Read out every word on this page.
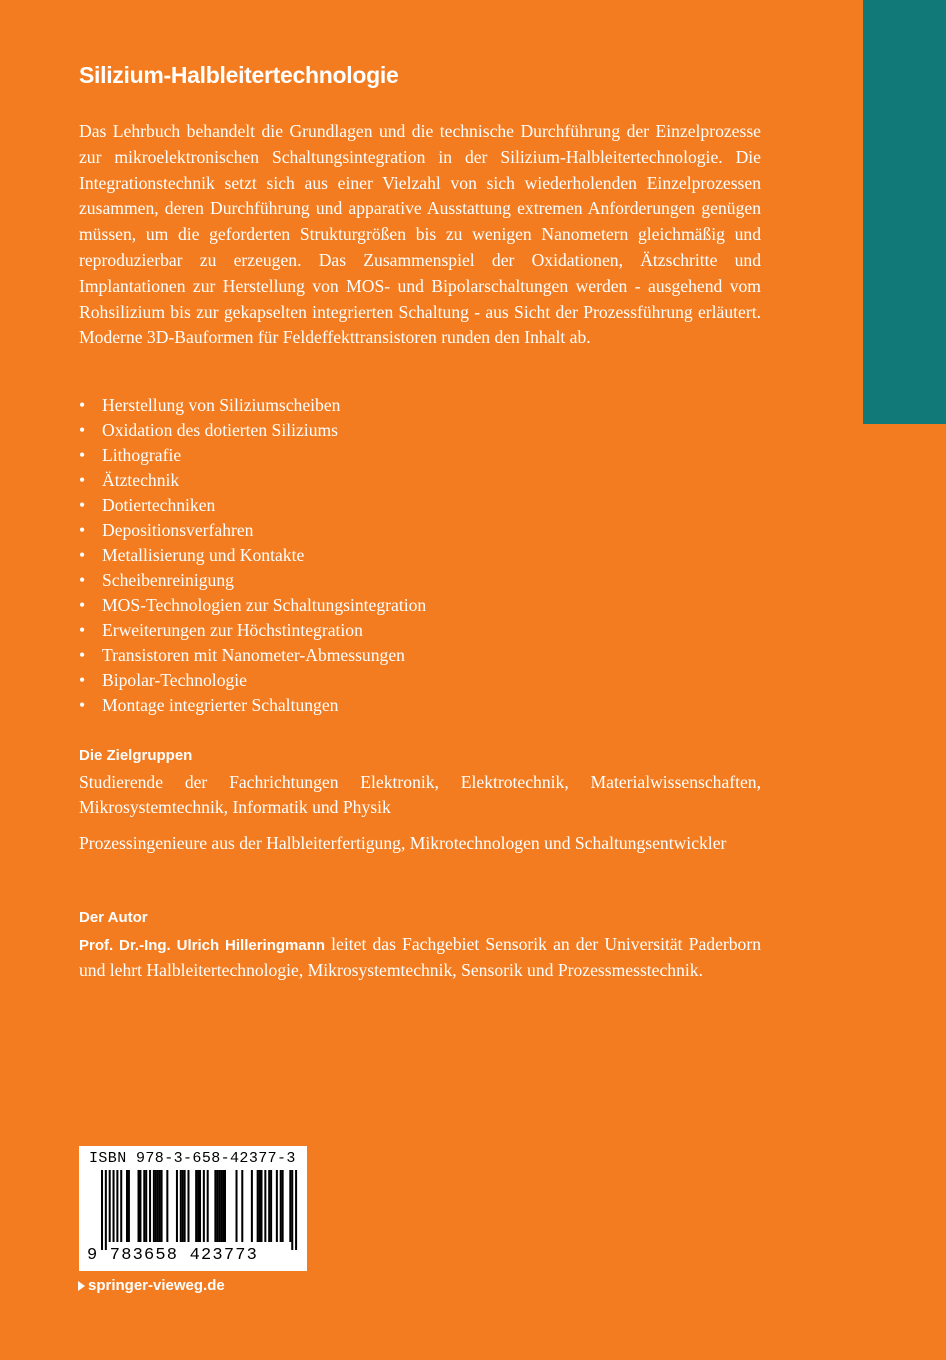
Silizium-Halbleitertechnologie

Das Lehrbuch behandelt die Grundlagen und die technische Durchführung der Einzelprozesse zur mikroelektronischen Schaltungsintegration in der Silizium-Halbleitertechnologie. Die Integrationstechnik setzt sich aus einer Vielzahl von sich wiederholenden Einzelprozessen zusammen, deren Durchführung und apparative Ausstattung extremen Anforderungen genügen müssen, um die geforderten Strukturgrößen bis zu wenigen Nanometern gleichmäßig und reproduzierbar zu erzeugen. Das Zusammenspiel der Oxidationen, Ätzschritte und Implantationen zur Herstellung von MOS- und Bipolarschaltungen werden - ausgehend vom Rohsilizium bis zur gekapselten integrierten Schaltung - aus Sicht der Prozessführung erläutert. Moderne 3D-Bauformen für Feldeffekttransistoren runden den Inhalt ab.

• Herstellung von Siliziumscheiben
• Oxidation des dotierten Siliziums
• Lithografie
• Ätztechnik
• Dotiertechniken
• Depositionsverfahren
• Metallisierung und Kontakte
• Scheibenreinigung
• MOS-Technologien zur Schaltungsintegration
• Erweiterungen zur Höchstintegration
• Transistoren mit Nanometer-Abmessungen
• Bipolar-Technologie
• Montage integrierter Schaltungen
Die Zielgruppen

Studierende der Fachrichtungen Elektronik, Elektrotechnik, Materialwissenschaften, Mikrosystemtechnik, Informatik und Physik

Prozessingenieure aus der Halbleiterfertigung, Mikrotechnologen und Schaltungsentwickler

Der Autor

Prof. Dr.-Ing. Ulrich Hilleringmann leitet das Fachgebiet Sensorik an der Universität Paderborn und lehrt Halbleitertechnologie, Mikrosystemtechnik, Sensorik und Prozessmesstechnik.

ISBN 978-3-658-42377-3
9 783658 423773
springer-vieweg.de
